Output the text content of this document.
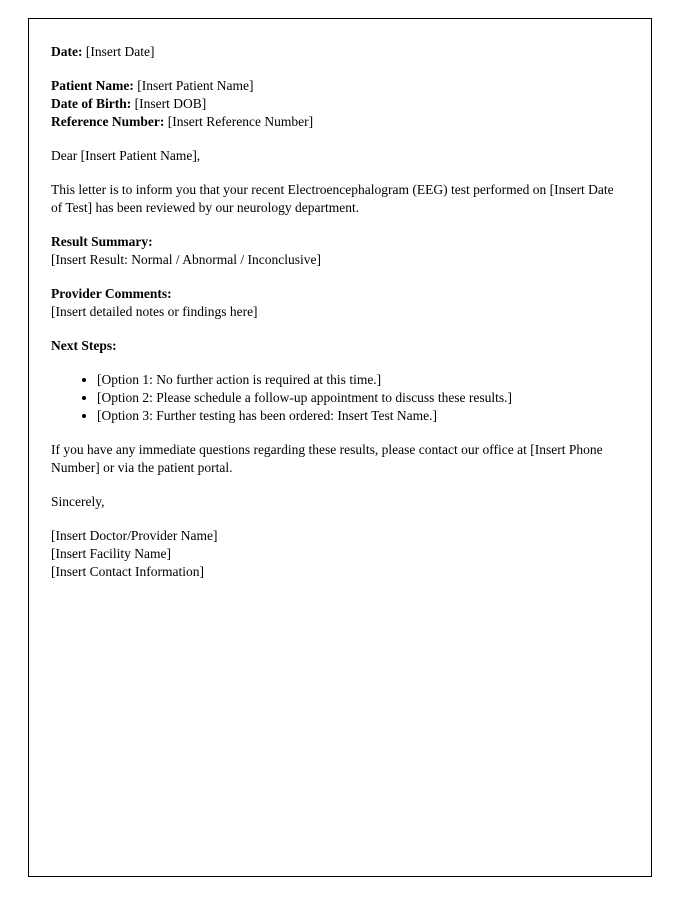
Date: [Insert Date]

Patient Name: [Insert Patient Name]
Date of Birth: [Insert DOB]
Reference Number: [Insert Reference Number]

Dear [Insert Patient Name],

This letter is to inform you that your recent Electroencephalogram (EEG) test performed on [Insert Date of Test] has been reviewed by our neurology department.

Result Summary:
[Insert Result: Normal / Abnormal / Inconclusive]
Provider Comments:
[Insert detailed notes or findings here]

Next Steps:

• [Option 1: No further action is required at this time.]
• [Option 2: Please schedule a follow-up appointment to discuss these results.]
• [Option 3: Further testing has been ordered: Insert Test Name.]

If you have any immediate questions regarding these results, please contact our office at [Insert Phone Number] or via the patient portal.

Sincerely,

[Insert Doctor/Provider Name]
[Insert Facility Name]
[Insert Contact Information]
